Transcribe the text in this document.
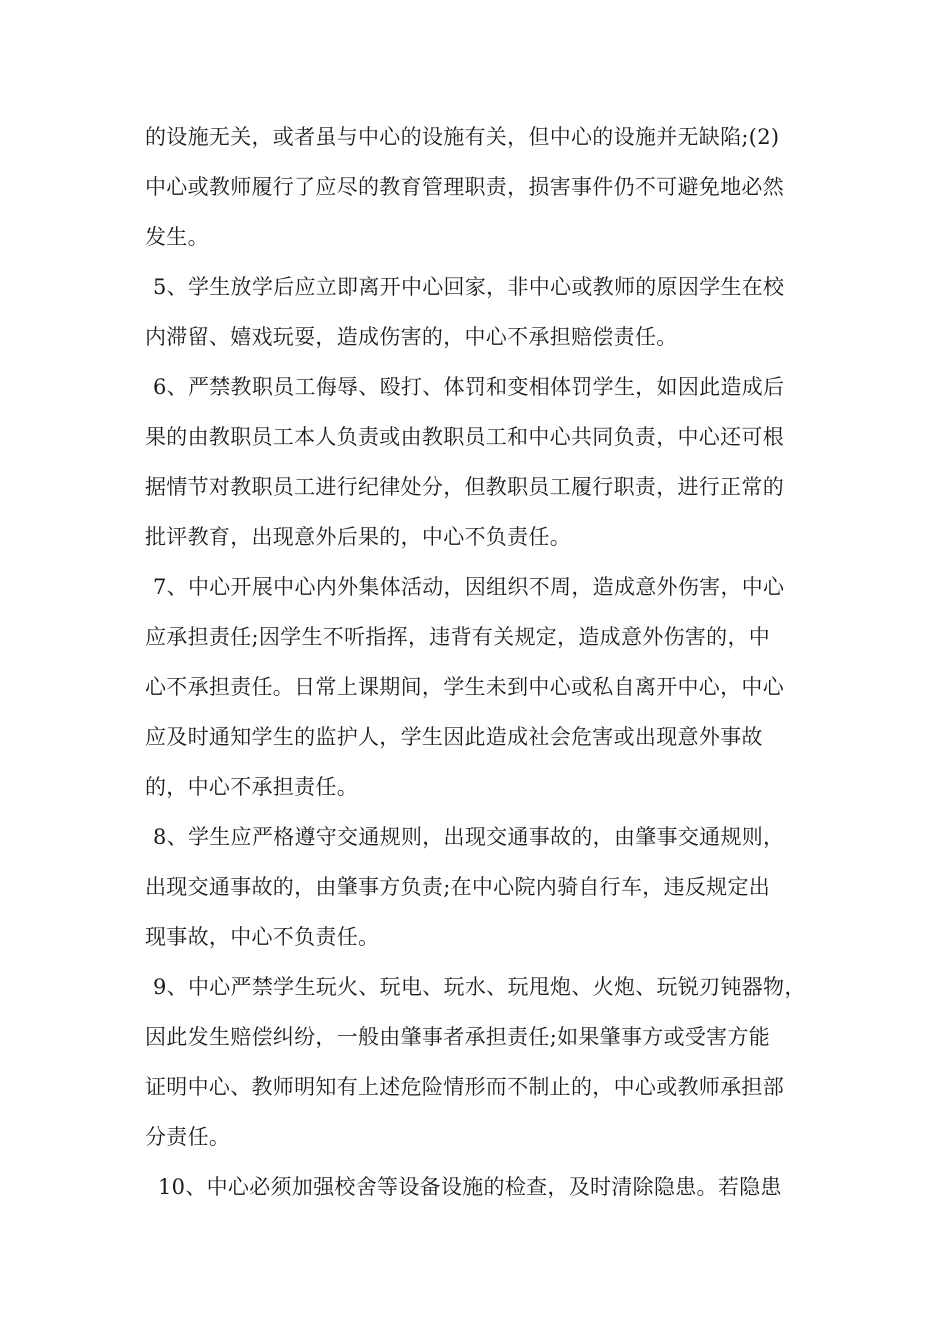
的设施无关，或者虽与中心的设施有关，但中心的设施并无缺陷;(2)
中心或教师履行了应尽的教育管理职责，损害事件仍不可避免地必然
发生。
5、学生放学后应立即离开中心回家，非中心或教师的原因学生在校
内滞留、嬉戏玩耍，造成伤害的，中心不承担赔偿责任。
6、严禁教职员工侮辱、殴打、体罚和变相体罚学生，如因此造成后
果的由教职员工本人负责或由教职员工和中心共同负责，中心还可根
据情节对教职员工进行纪律处分，但教职员工履行职责，进行正常的
批评教育，出现意外后果的，中心不负责任。
7、中心开展中心内外集体活动，因组织不周，造成意外伤害，中心
应承担责任;因学生不听指挥，违背有关规定，造成意外伤害的，中
心不承担责任。日常上课期间，学生未到中心或私自离开中心，中心
应及时通知学生的监护人，学生因此造成社会危害或出现意外事故
的，中心不承担责任。
8、学生应严格遵守交通规则，出现交通事故的，由肇事交通规则，
出现交通事故的，由肇事方负责;在中心院内骑自行车，违反规定出
现事故，中心不负责任。
9、中心严禁学生玩火、玩电、玩水、玩甩炮、火炮、玩锐刃钝器物，
因此发生赔偿纠纷，一般由肇事者承担责任;如果肇事方或受害方能
证明中心、教师明知有上述危险情形而不制止的，中心或教师承担部
分责任。
10、中心必须加强校舍等设备设施的检查，及时清除隐患。若隐患
